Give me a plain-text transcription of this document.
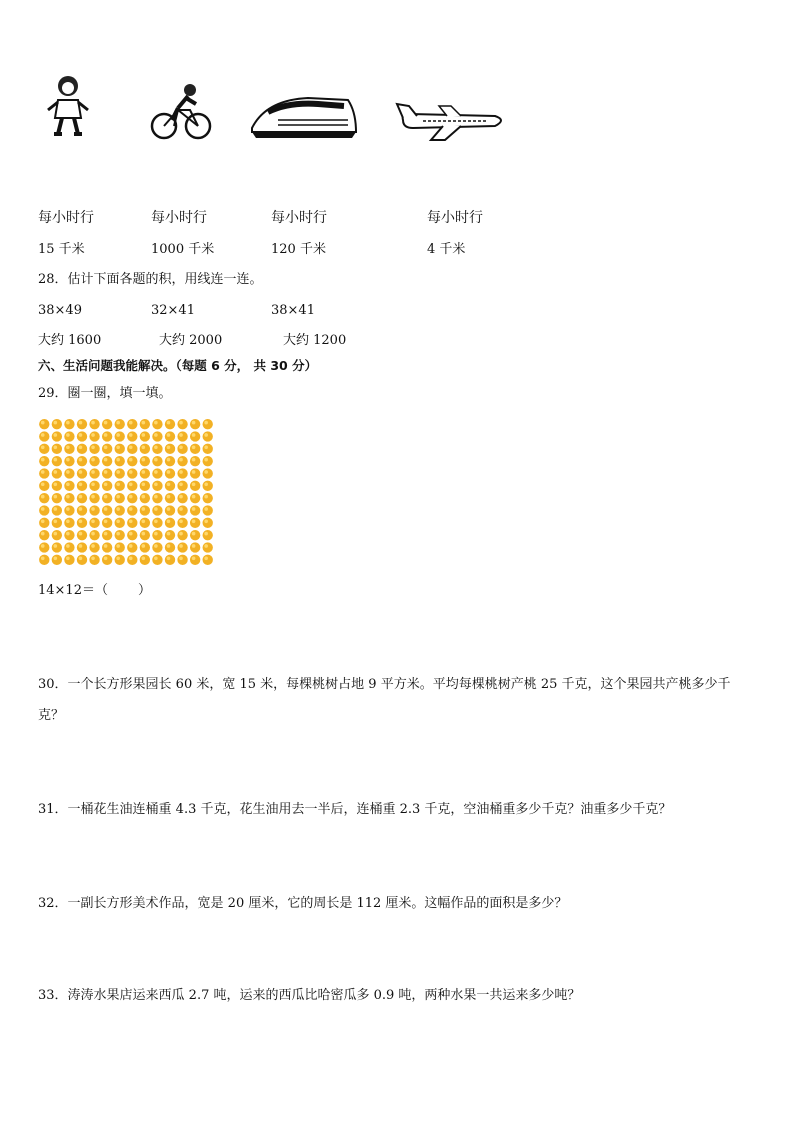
每小时行	每小时行	每小时行	每小时行
15 千米	1000 千米	120 千米	4 千米
28．估计下面各题的积，用线连一连。
38×49	32×41	38×41
大约 1600	大约 2000	大约 1200
六、生活问题我能解决。（每题 6 分， 共 30 分）
29．圈一圈，填一填。
14×12＝（ ）
30．一个长方形果园长 60 米，宽 15 米，每棵桃树占地 9 平方米。平均每棵桃树产桃 25 千克，这个果园共产桃多少千
克？
31．一桶花生油连桶重 4.3 千克，花生油用去一半后，连桶重 2.3 千克，空油桶重多少千克？油重多少千克？
32．一副长方形美术作品，宽是 20 厘米，它的周长是 112 厘米。这幅作品的面积是多少？
33．涛涛水果店运来西瓜 2.7 吨，运来的西瓜比哈密瓜多 0.9 吨，两种水果一共运来多少吨？
